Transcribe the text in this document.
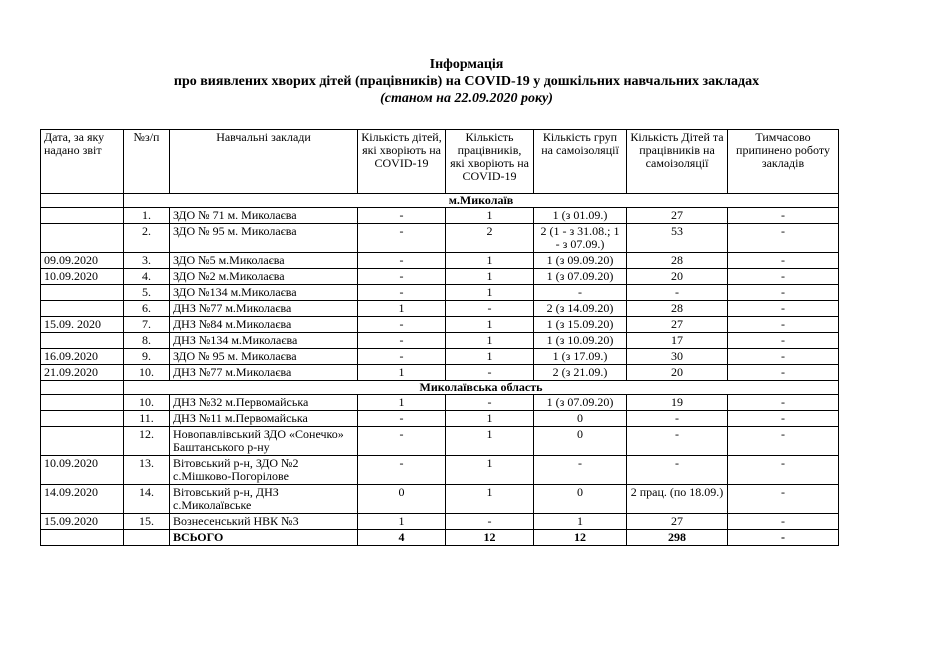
Інформація
про виявлених хворих дітей (працівників) на COVID-19 у дошкільних навчальних закладах
(станом на 22.09.2020 року)
Дата, за яку надано звіт	№з/п	Навчальні заклади	Кількість дітей, які хворіють на COVID-19	Кількість працівників, які хворіють на COVID-19	Кількість груп на самоізоляції	Кількість Дітей та працівників на самоізоляції	Тимчасово припинено роботу закладів
	м.Миколаїв						
	1.	ЗДО № 71 м. Миколаєва	-	1	1 (з 01.09.)	27	-
	2.	ЗДО № 95 м. Миколаєва	-	2	2 (1 - з 31.08.; 1 - з 07.09.)	53	-
09.09.2020	3.	ЗДО №5 м.Миколаєва	-	1	1 (з 09.09.20)	28	-
10.09.2020	4.	ЗДО №2 м.Миколаєва	-	1	1 (з 07.09.20)	20	-
	5.	ЗДО №134 м.Миколаєва	-	1	-	-	-
	6.	ДНЗ №77 м.Миколаєва	1	-	2 (з 14.09.20)	28	-
15.09. 2020	7.	ДНЗ №84 м.Миколаєва	-	1	1 (з 15.09.20)	27	-
	8.	ДНЗ №134 м.Миколаєва	-	1	1 (з 10.09.20)	17	-
16.09.2020	9.	ЗДО № 95 м. Миколаєва	-	1	1 (з 17.09.)	30	-
21.09.2020	10.	ДНЗ №77 м.Миколаєва	1	-	2 (з 21.09.)	20	-
	Миколаївська область						
	10.	ДНЗ №32 м.Первомайська	1	-	1 (з 07.09.20)	19	-
	11.	ДНЗ №11 м.Первомайська	-	1	0	-	-
	12.	Новопавлівський ЗДО «Сонечко» Баштанського р-ну	-	1	0	-	-
10.09.2020	13.	Вітовський р-н, ЗДО №2 с.Мішково-Погорілове	-	1	-	-	-
14.09.2020	14.	Вітовський р-н, ДНЗ с.Миколаївське	0	1	0	2 прац. (по 18.09.)	-
15.09.2020	15.	Вознесенський НВК №3	1	-	1	27	-
		ВСЬОГО	4	12	12	298	-
